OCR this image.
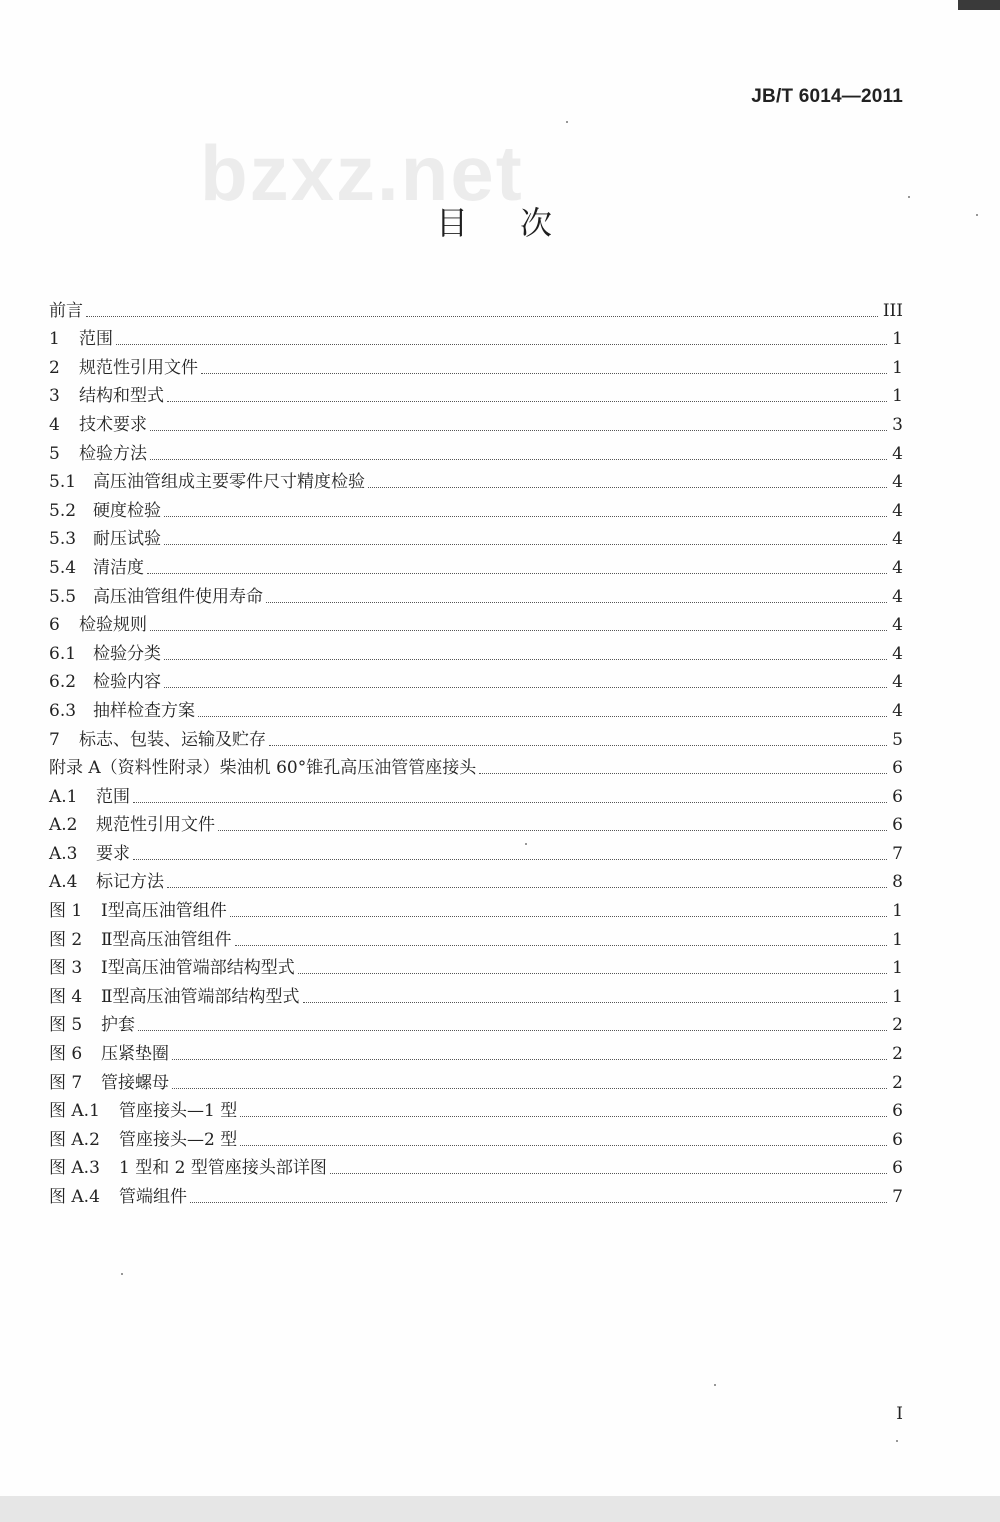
JB/T 6014—2011
bzxz.net
目次
前言	III
1	范围	1
2	规范性引用文件	1
3	结构和型式	1
4	技术要求	3
5	检验方法	4
5.1 高压油管组成主要零件尺寸精度检验	4
5.2 硬度检验	4
5.3 耐压试验	4
5.4 清洁度	4
5.5 高压油管组件使用寿命	4
6	检验规则	4
6.1 检验分类	4
6.2 检验内容	4
6.3 抽样检查方案	4
7	标志、包装、运输及贮存	5
附录 A（资料性附录）柴油机 60°锥孔高压油管管座接头	6
A.1	范围	6
A.2	规范性引用文件	6
A.3	要求	7
A.4	标记方法	8
图 1	Ⅰ型高压油管组件	1
图 2	Ⅱ型高压油管组件	1
图 3	Ⅰ型高压油管端部结构型式	1
图 4	Ⅱ型高压油管端部结构型式	1
图 5	护套	2
图 6	压紧垫圈	2
图 7	管接螺母	2
图 A.1	管座接头—1 型	6
图 A.2	管座接头—2 型	6
图 A.3	1 型和 2 型管座接头部详图	6
图 A.4	管端组件	7
I
